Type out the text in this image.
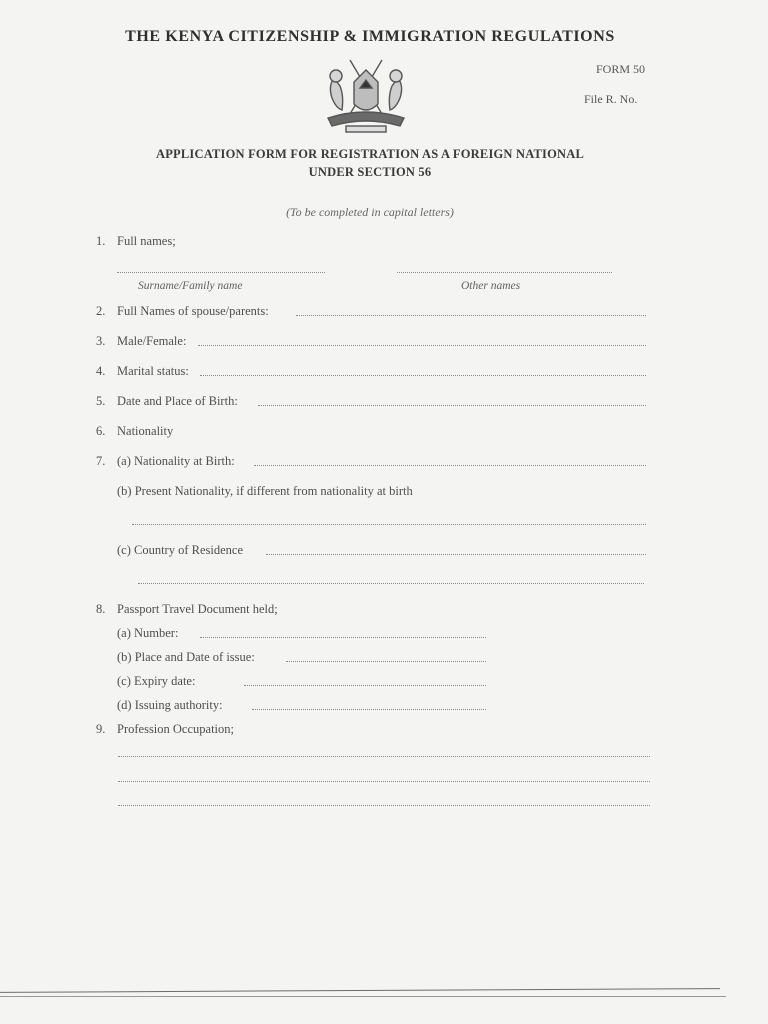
THE KENYA CITIZENSHIP & IMMIGRATION REGULATIONS
FORM 50
File R. No.
APPLICATION FORM FOR REGISTRATION AS A FOREIGN NATIONAL
UNDER SECTION 56
(To be completed in capital letters)
1. Full names;
Surname/Family name	Other names
2. Full Names of spouse/parents:
3. Male/Female:
4. Marital status:
5. Date and Place of Birth:
6. Nationality
7. (a) Nationality at Birth:
(b) Present Nationality, if different from nationality at birth
(c) Country of Residence
8. Passport Travel Document held;
(a) Number:
(b) Place and Date of issue:
(c) Expiry date:
(d) Issuing authority:
9. Profession Occupation;
